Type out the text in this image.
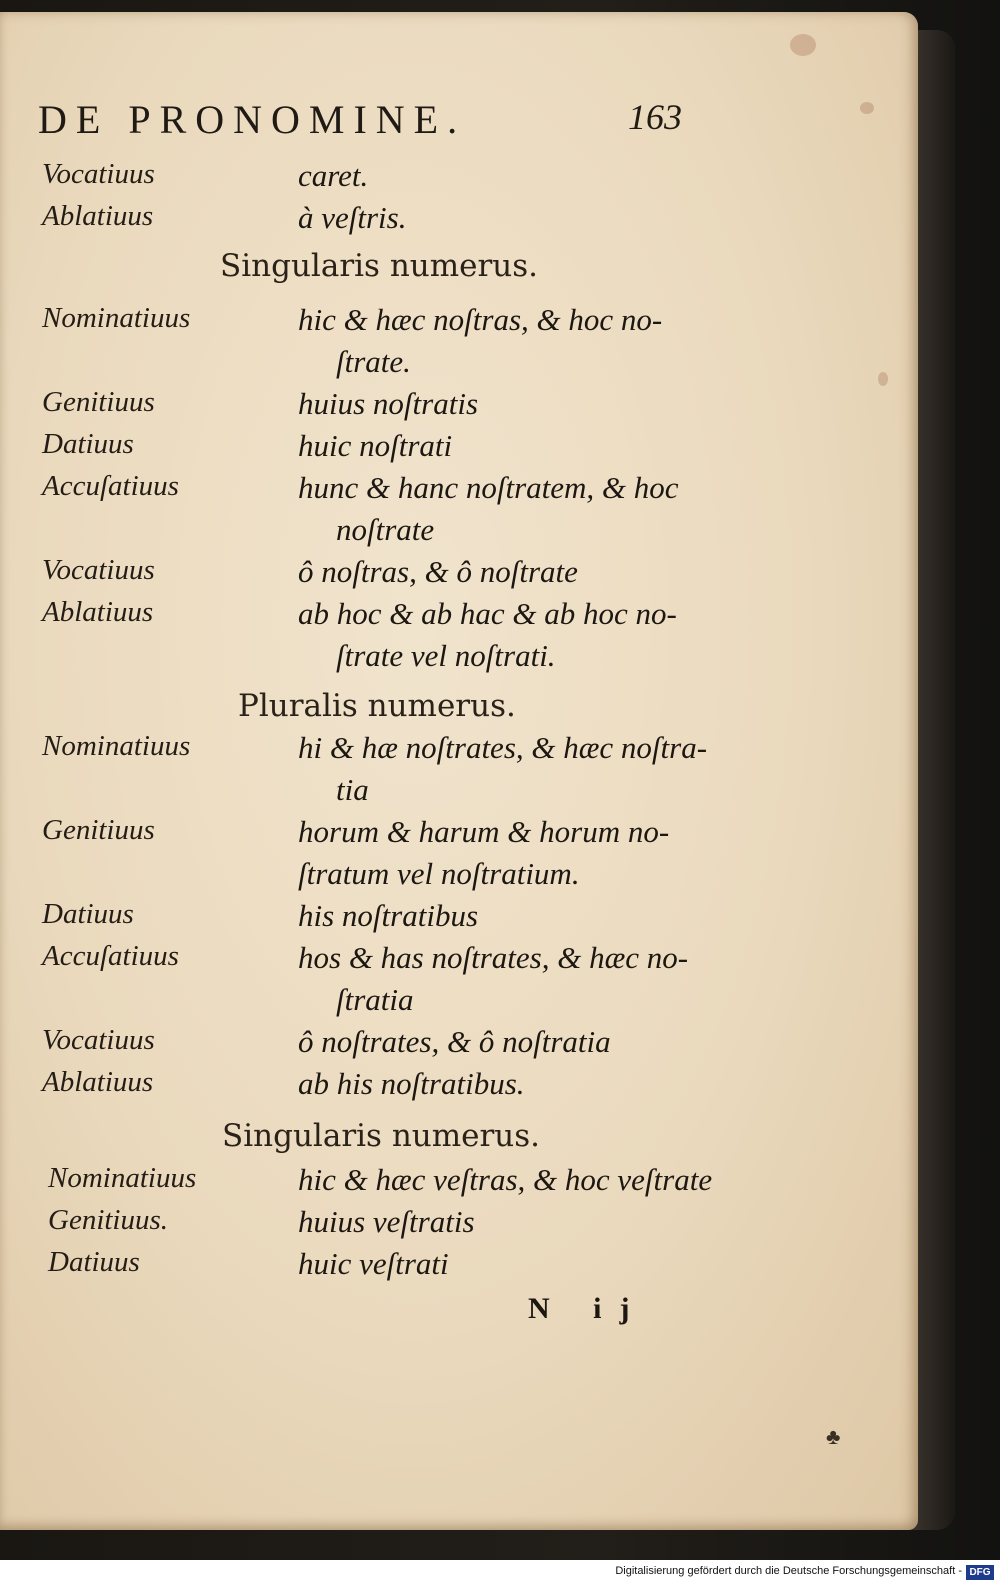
DE PRONOMINE.	163
Vocatiuus	caret.
Ablatiuus	à veſtris.
Singularis numerus.
Nominatiuus	hic & hæc noſtras, & hoc no-
ſtrate.
Genitiuus	huius noſtratis
Datiuus	huic noſtrati
Accuſatiuus	hunc & hanc noſtratem, & hoc
noſtrate
Vocatiuus	ô noſtras, & ô noſtrate
Ablatiuus	ab hoc & ab hac & ab hoc no-
ſtrate vel noſtrati.
Pluralis numerus.
Nominatiuus	hi & hæ noſtrates, & hæc noſtra-
tia
Genitiuus	horum & harum & horum no-
ſtratum vel noſtratium.
Datiuus	his noſtratibus
Accuſatiuus	hos & has noſtrates, & hæc no-
ſtratia
Vocatiuus	ô noſtrates, & ô noſtratia
Ablatiuus	ab his noſtratibus.
Singularis numerus.
Nominatiuus	hic & hæc veſtras, & hoc veſtrate
Genitiuus.	huius veſtratis
Datiuus	huic veſtrati
N ij
♣
Digitalisierung gefördert durch die Deutsche Forschungsgemeinschaft - DFG
